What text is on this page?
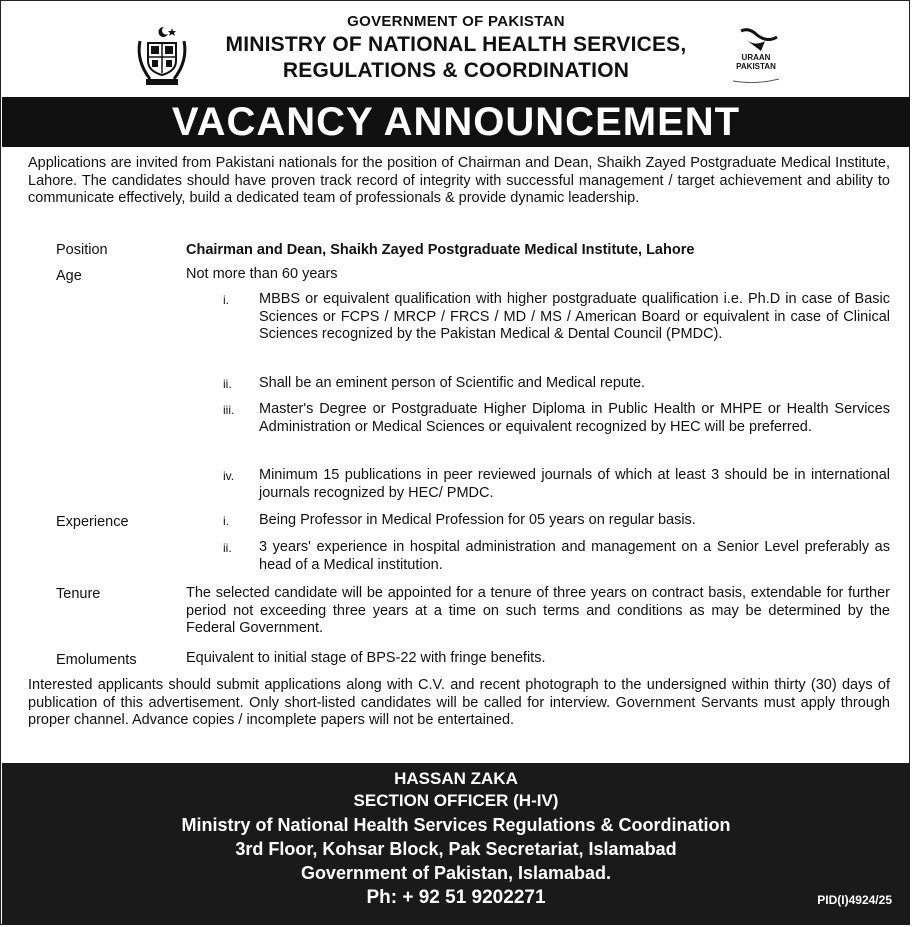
GOVERNMENT OF PAKISTAN
MINISTRY OF NATIONAL HEALTH SERVICES,
REGULATIONS & COORDINATION
URAAN PAKISTAN
VACANCY ANNOUNCEMENT
Applications are invited from Pakistani nationals for the position of Chairman and Dean, Shaikh Zayed Postgraduate Medical Institute, Lahore. The candidates should have proven track record of integrity with successful management / target achievement and ability to communicate effectively, build a dedicated team of professionals & provide dynamic leadership.
Position	Chairman and Dean, Shaikh Zayed Postgraduate Medical Institute, Lahore
Age	Not more than 60 years
i.	MBBS or equivalent qualification with higher postgraduate qualification i.e. Ph.D in case of Basic Sciences or FCPS / MRCP / FRCS / MD / MS / American Board or equivalent in case of Clinical Sciences recognized by the Pakistan Medical & Dental Council (PMDC).
ii.	Shall be an eminent person of Scientific and Medical repute.
iii.	Master's Degree or Postgraduate Higher Diploma in Public Health or MHPE or Health Services Administration or Medical Sciences or equivalent recognized by HEC will be preferred.
iv.	Minimum 15 publications in peer reviewed journals of which at least 3 should be in international journals recognized by HEC/ PMDC.
Experience	i.	Being Professor in Medical Profession for 05 years on regular basis.
ii.	3 years' experience in hospital administration and management on a Senior Level preferably as head of a Medical institution.
Tenure	The selected candidate will be appointed for a tenure of three years on contract basis, extendable for further period not exceeding three years at a time on such terms and conditions as may be determined by the Federal Government.
Emoluments	Equivalent to initial stage of BPS-22 with fringe benefits.
Interested applicants should submit applications along with C.V. and recent photograph to the undersigned within thirty (30) days of publication of this advertisement. Only short-listed candidates will be called for interview. Government Servants must apply through proper channel. Advance copies / incomplete papers will not be entertained.
HASSAN ZAKA
SECTION OFFICER (H-IV)
Ministry of National Health Services Regulations & Coordination
3rd Floor, Kohsar Block, Pak Secretariat, Islamabad
Government of Pakistan, Islamabad.
Ph: + 92 51 9202271	PID(I)4924/25
